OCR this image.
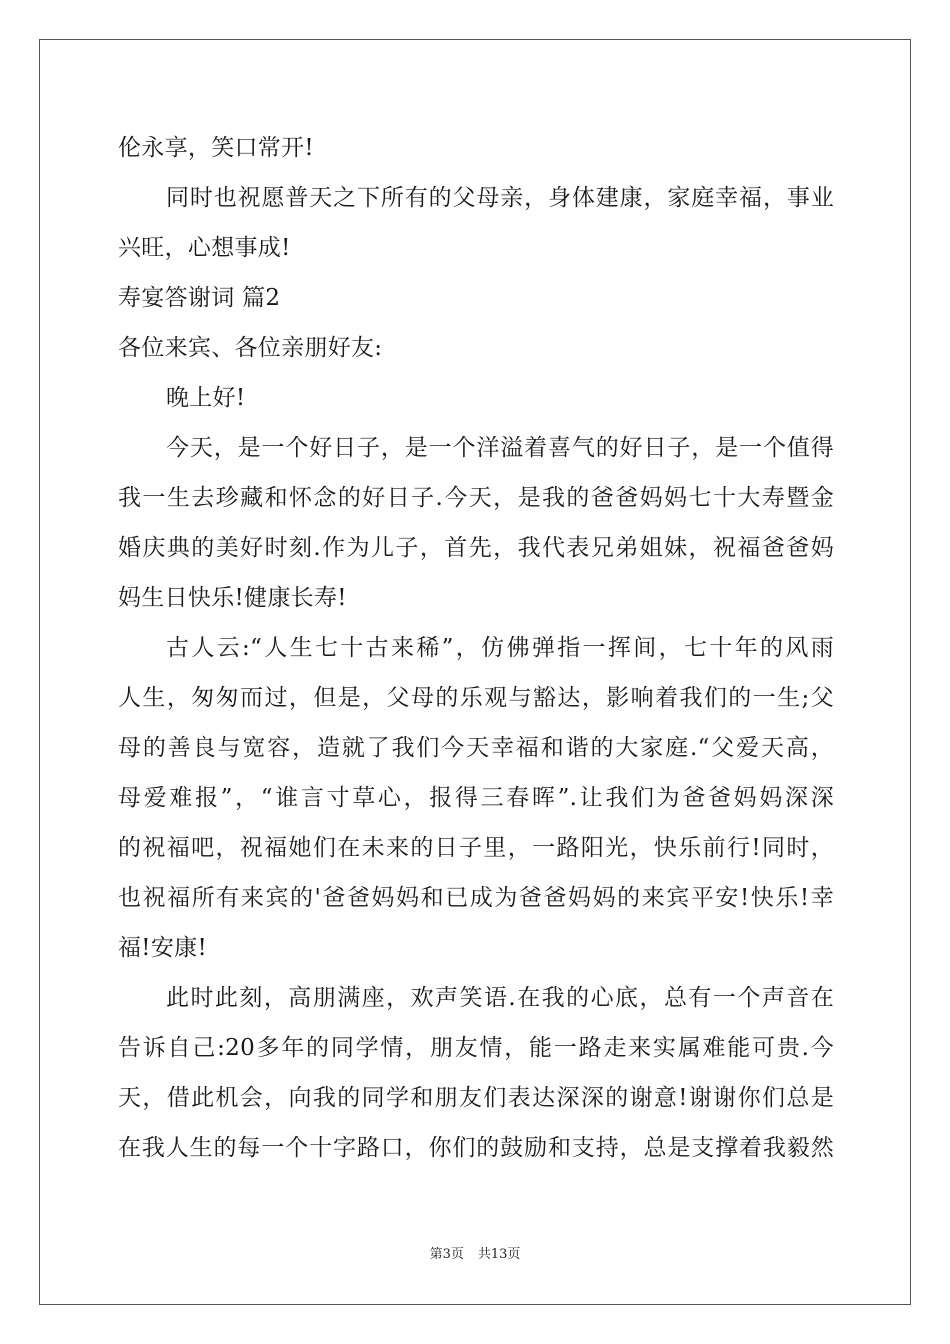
伦永享，笑口常开!
同时也祝愿普天之下所有的父母亲，身体建康，家庭幸福，事业
兴旺，心想事成!
寿宴答谢词 篇2
各位来宾、各位亲朋好友:
晚上好!
今天，是一个好日子，是一个洋溢着喜气的好日子，是一个值得
我一生去珍藏和怀念的好日子.今天，是我的爸爸妈妈七十大寿暨金
婚庆典的美好时刻.作为儿子，首先，我代表兄弟姐妹，祝福爸爸妈
妈生日快乐!健康长寿!
古人云:“人生七十古来稀”，仿佛弹指一挥间，七十年的风雨
人生，匆匆而过，但是，父母的乐观与豁达，影响着我们的一生;父
母的善良与宽容，造就了我们今天幸福和谐的大家庭.“父爱天高，
母爱难报”，“谁言寸草心，报得三春晖”.让我们为爸爸妈妈深深
的祝福吧，祝福她们在未来的日子里，一路阳光，快乐前行!同时，
也祝福所有来宾的'爸爸妈妈和已成为爸爸妈妈的来宾平安!快乐!幸
福!安康!
此时此刻，高朋满座，欢声笑语.在我的心底，总有一个声音在
告诉自己:20多年的同学情，朋友情，能一路走来实属难能可贵.今
天，借此机会，向我的同学和朋友们表达深深的谢意!谢谢你们总是
在我人生的每一个十字路口，你们的鼓励和支持，总是支撑着我毅然
第3页 共13页
